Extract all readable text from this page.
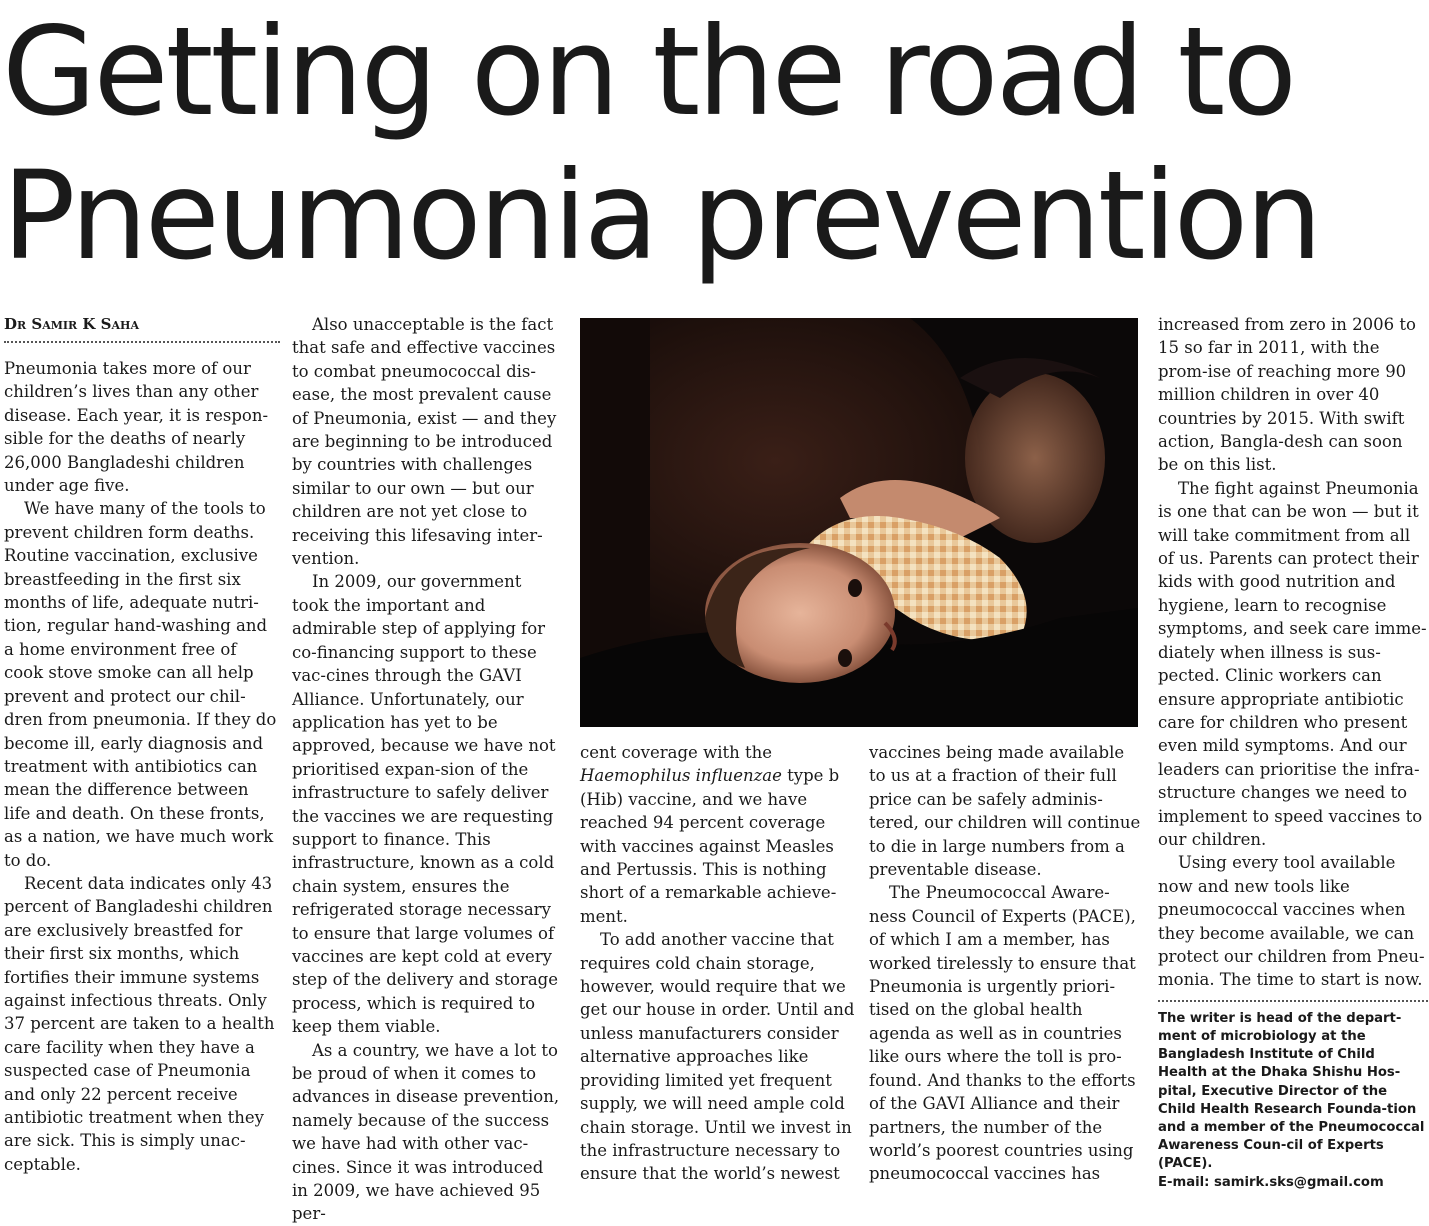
Getting on the road to
Pneumonia prevention
Dr Samir K Saha

Pneumonia takes more of our children’s lives than any other disease. Each year, it is respon-sible for the deaths of nearly 26,000 Bangladeshi children under age five.

We have many of the tools to prevent children form deaths. Routine vaccination, exclusive breastfeeding in the first six months of life, adequate nutri-tion, regular hand-washing and a home environment free of cook stove smoke can all help prevent and protect our chil-dren from pneumonia. If they do become ill, early diagnosis and treatment with antibiotics can mean the difference between life and death. On these fronts, as a nation, we have much work to do.

Recent data indicates only 43 percent of Bangladeshi children are exclusively breastfed for their first six months, which fortifies their immune systems against infectious threats. Only 37 percent are taken to a health care facility when they have a suspected case of Pneumonia and only 22 percent receive antibiotic treatment when they are sick. This is simply unac-ceptable.

Also unacceptable is the fact that safe and effective vaccines to combat pneumococcal dis-ease, the most prevalent cause of Pneumonia, exist — and they are beginning to be introduced by countries with challenges similar to our own — but our children are not yet close to receiving this lifesaving inter-vention.

In 2009, our government took the important and admirable step of applying for co-financing support to these vac-cines through the GAVI Alliance. Unfortunately, our application has yet to be approved, because we have not prioritised expan-sion of the infrastructure to safely deliver the vaccines we are requesting support to finance. This infrastructure, known as a cold chain system, ensures the refrigerated storage necessary to ensure that large volumes of vaccines are kept cold at every step of the delivery and storage process, which is required to keep them viable.

As a country, we have a lot to be proud of when it comes to advances in disease prevention, namely because of the success we have had with other vac-cines. Since it was introduced in 2009, we have achieved 95 per-

cent coverage with the
Haemophilus influenzae type b (Hib) vaccine, and we have reached 94 percent coverage with vaccines against Measles and Pertussis. This is nothing short of a remarkable achieve-ment.

To add another vaccine that requires cold chain storage, however, would require that we get our house in order. Until and unless manufacturers consider alternative approaches like providing limited yet frequent supply, we will need ample cold chain storage. Until we invest in the infrastructure necessary to ensure that the world’s newest

vaccines being made available to us at a fraction of their full price can be safely adminis-tered, our children will continue to die in large numbers from a preventable disease.

The Pneumococcal Aware-ness Council of Experts (PACE), of which I am a member, has worked tirelessly to ensure that Pneumonia is urgently priori-tised on the global health agenda as well as in countries like ours where the toll is pro-found. And thanks to the efforts of the GAVI Alliance and their partners, the number of the world’s poorest countries using pneumococcal vaccines has

increased from zero in 2006 to 15 so far in 2011, with the prom-ise of reaching more 90 million children in over 40 countries by 2015. With swift action, Bangla-desh can soon be on this list.

The fight against Pneumonia is one that can be won — but it will take commitment from all of us. Parents can protect their kids with good nutrition and hygiene, learn to recognise symptoms, and seek care imme-diately when illness is sus-pected. Clinic workers can ensure appropriate antibiotic care for children who present even mild symptoms. And our leaders can prioritise the infra-structure changes we need to implement to speed vaccines to our children.

Using every tool available now and new tools like pneumococcal vaccines when they become available, we can protect our children from Pneu-monia. The time to start is now.

The writer is head of the depart-ment of microbiology at the Bangladesh Institute of Child Health at the Dhaka Shishu Hos-pital, Executive Director of the Child Health Research Founda-tion and a member of the Pneumococcal Awareness Coun-cil of Experts (PACE).
E-mail: samirk.sks@gmail.com
